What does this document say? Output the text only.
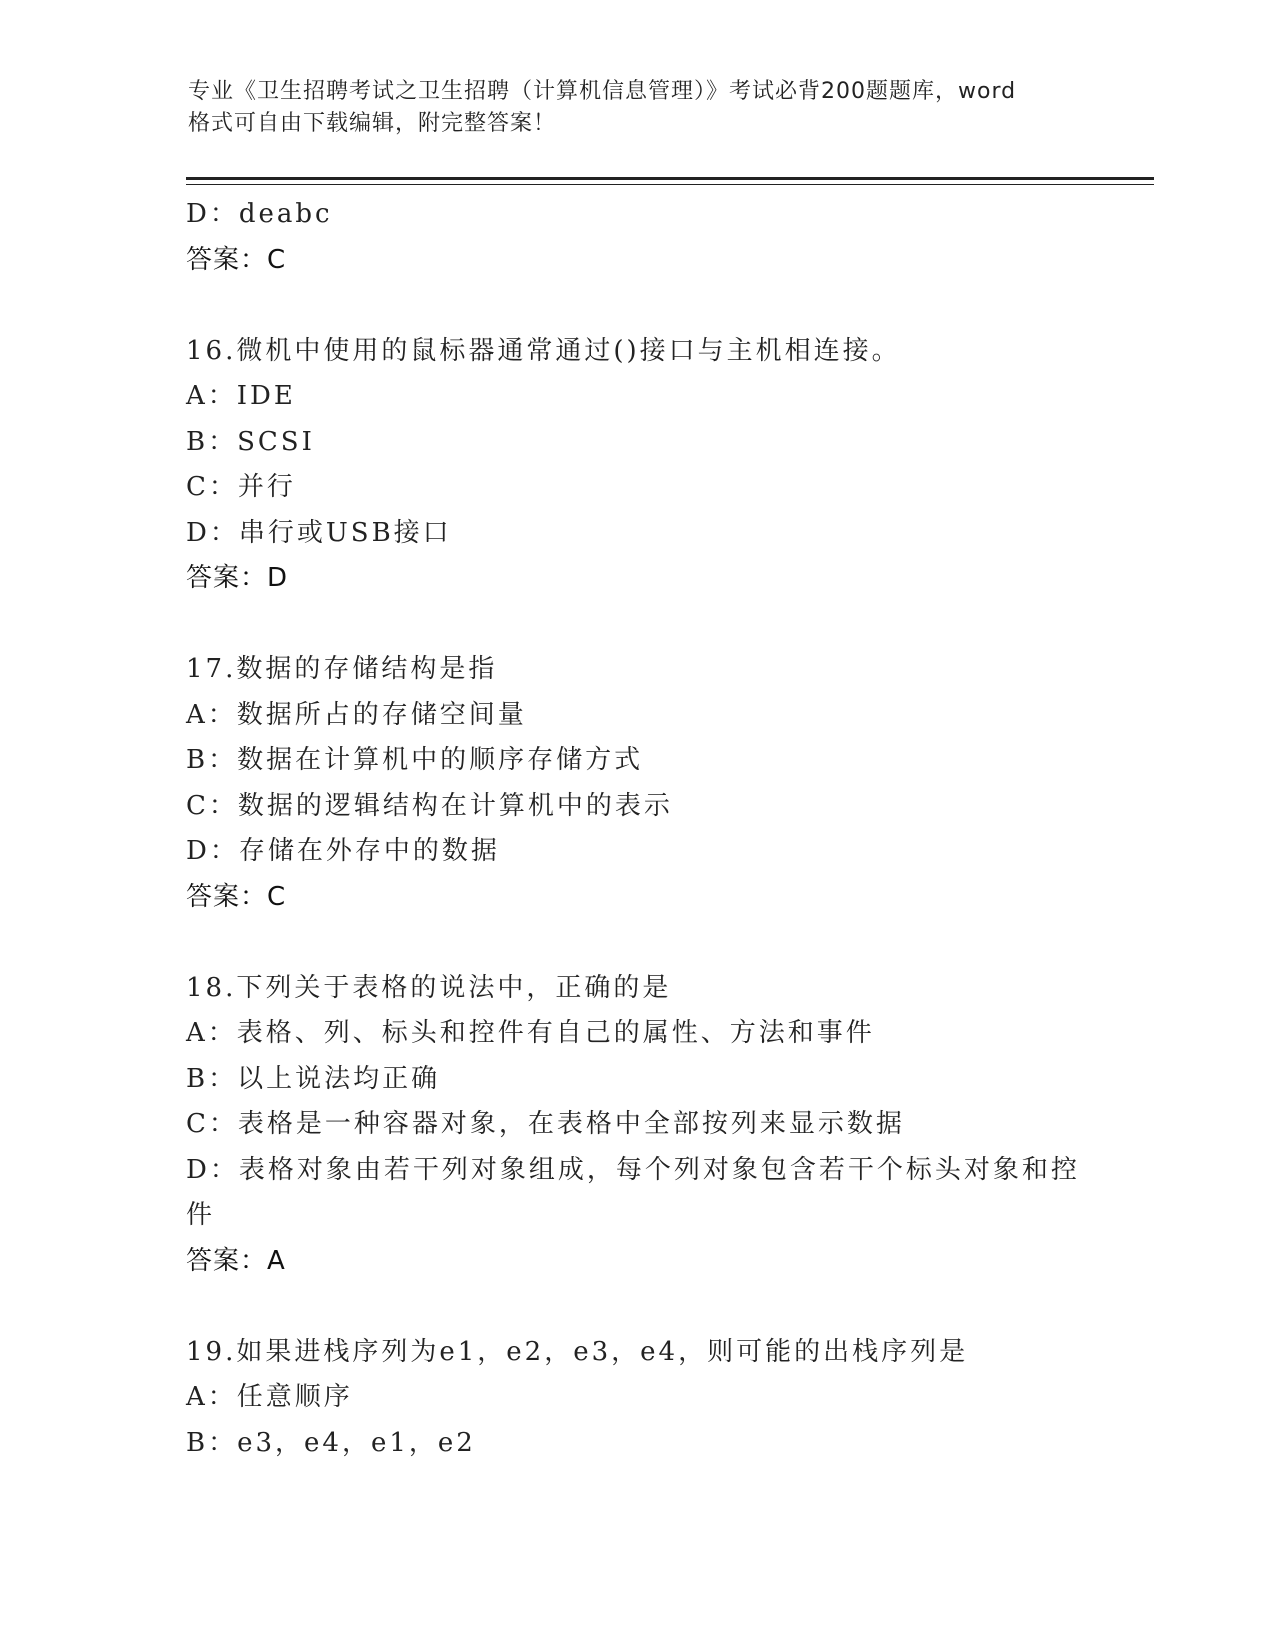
专业《卫生招聘考试之卫生招聘（计算机信息管理）》考试必背200题题库，word
格式可自由下载编辑，附完整答案！
D：deabc
答案：C
16.微机中使用的鼠标器通常通过()接口与主机相连接。
A：IDE
B：SCSI
C：并行
D：串行或USB接口
答案：D
17.数据的存储结构是指
A：数据所占的存储空间量
B：数据在计算机中的顺序存储方式
C：数据的逻辑结构在计算机中的表示
D：存储在外存中的数据
答案：C
18.下列关于表格的说法中，正确的是
A：表格、列、标头和控件有自己的属性、方法和事件
B：以上说法均正确
C：表格是一种容器对象，在表格中全部按列来显示数据
D：表格对象由若干列对象组成，每个列对象包含若干个标头对象和控件
答案：A
19.如果进栈序列为e1，e2，e3，e4，则可能的出栈序列是
A：任意顺序
B：e3，e4，e1，e2
